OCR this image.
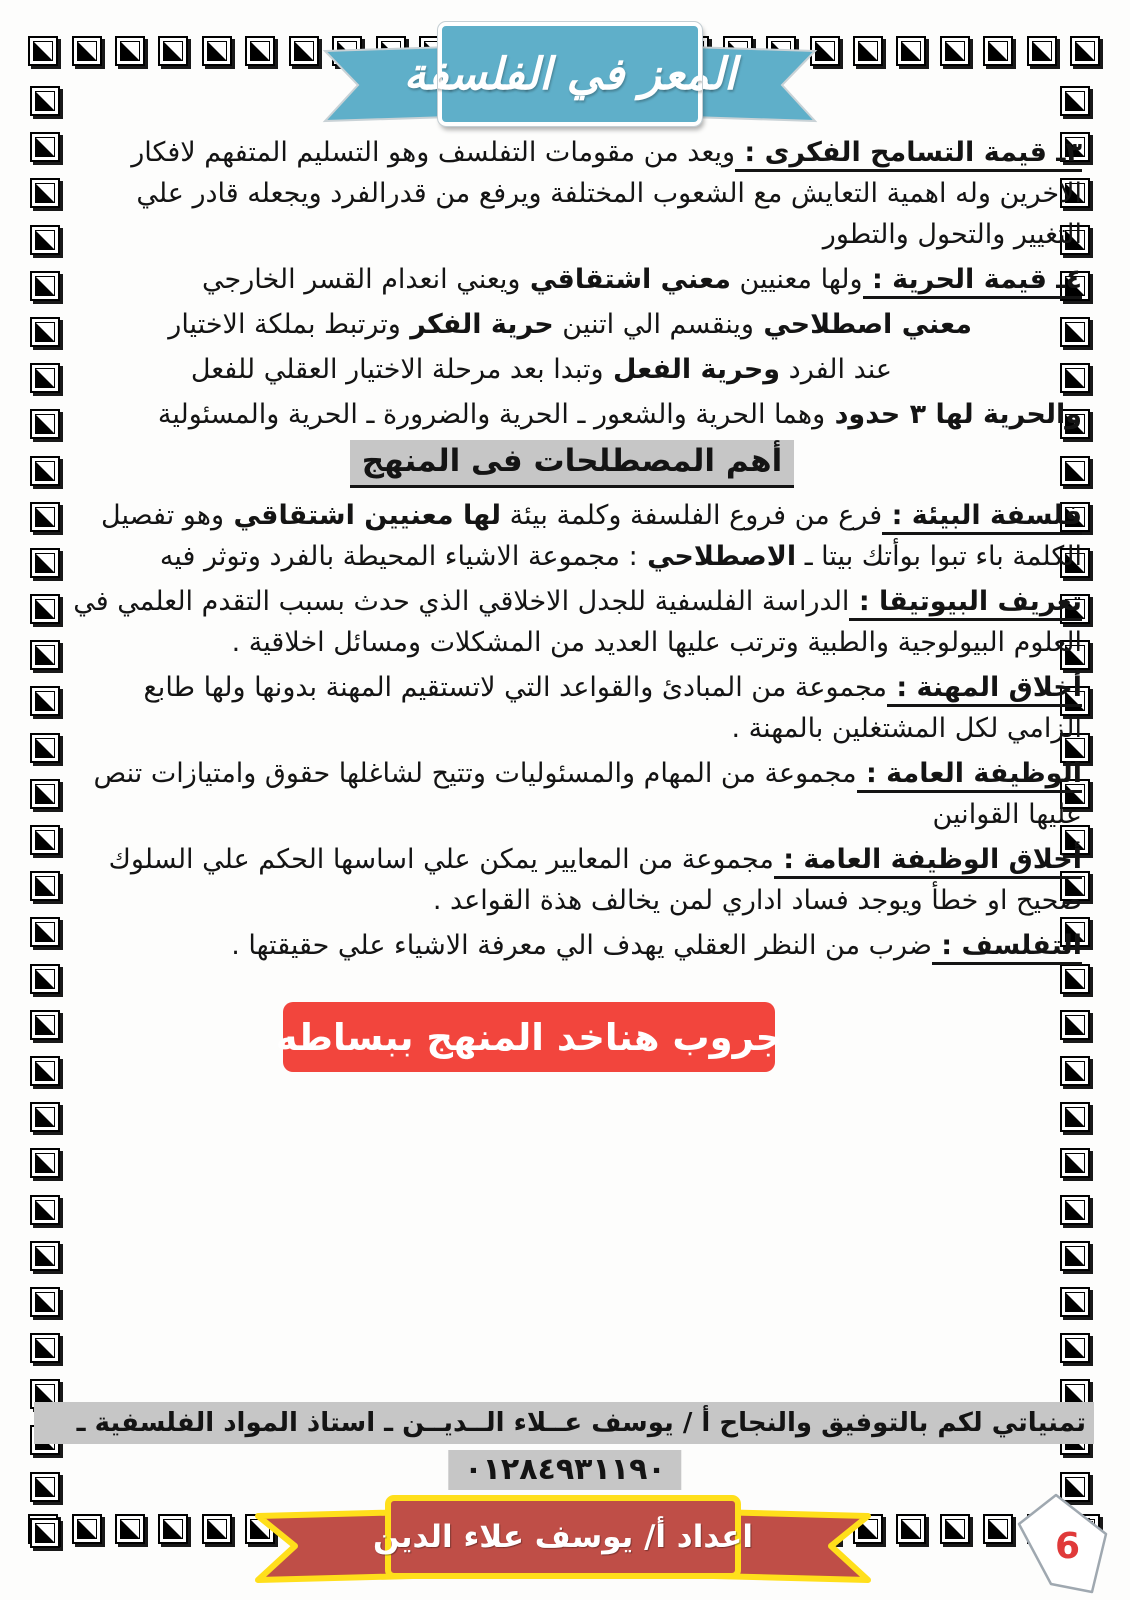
المعز في الفلسفة

٣ـ قيمة التسامح الفكرى : ويعد من مقومات التفلسف وهو التسليم المتفهم لافكار الاخرين وله اهمية التعايش مع الشعوب المختلفة ويرفع من قدرالفرد ويجعله قادر علي التغيير والتحول والتطور

٤ـ قيمة الحرية : ولها معنيين معني اشتقاقي ويعني انعدام القسر الخارجي

معني اصطلاحي وينقسم الي اتنين حرية الفكر وترتبط بملكة الاختيار

عند الفرد وحرية الفعل وتبدا بعد مرحلة الاختيار العقلي للفعل

والحرية لها ٣ حدود وهما الحرية والشعور ـ الحرية والضرورة ـ الحرية والمسئولية

أهم المصطلحات فى المنهج

فلسفة البيئة : فرع من فروع الفلسفة وكلمة بيئة لها معنيين اشتقاقي وهو تفصيل الكلمة باء تبوا بوأتك بيتا ـ الاصطلاحي : مجموعة الاشياء المحيطة بالفرد وتوثر فيه

تعريف البيوتيقا : الدراسة الفلسفية للجدل الاخلاقي الذي حدث بسبب التقدم العلمي في العلوم البيولوجية والطبية وترتب عليها العديد من المشكلات ومسائل اخلاقية .

أخلاق المهنة : مجموعة من المبادئ والقواعد التي لاتستقيم المهنة بدونها ولها طابع الزامي لكل المشتغلين بالمهنة .

الوظيفة العامة : مجموعة من المهام والمسئوليات وتتيح لشاغلها حقوق وامتيازات تنص عليها القوانين

أخلاق الوظيفة العامة : مجموعة من المعايير يمكن علي اساسها الحكم علي السلوك صحيح او خطأ ويوجد فساد اداري لمن يخالف هذة القواعد .

التفلسف : ضرب من النظر العقلي يهدف الي معرفة الاشياء علي حقيقتها .

جروب هناخد المنهج ببساطه
تمنياتي لكم بالتوفيق والنجاح أ / يوسف عــلاء الــديــن ـ استاذ المواد الفلسفية ـ
٠١٢٨٤٩٣١١٩٠
اعداد أ/ يوسف علاء الدين	6
